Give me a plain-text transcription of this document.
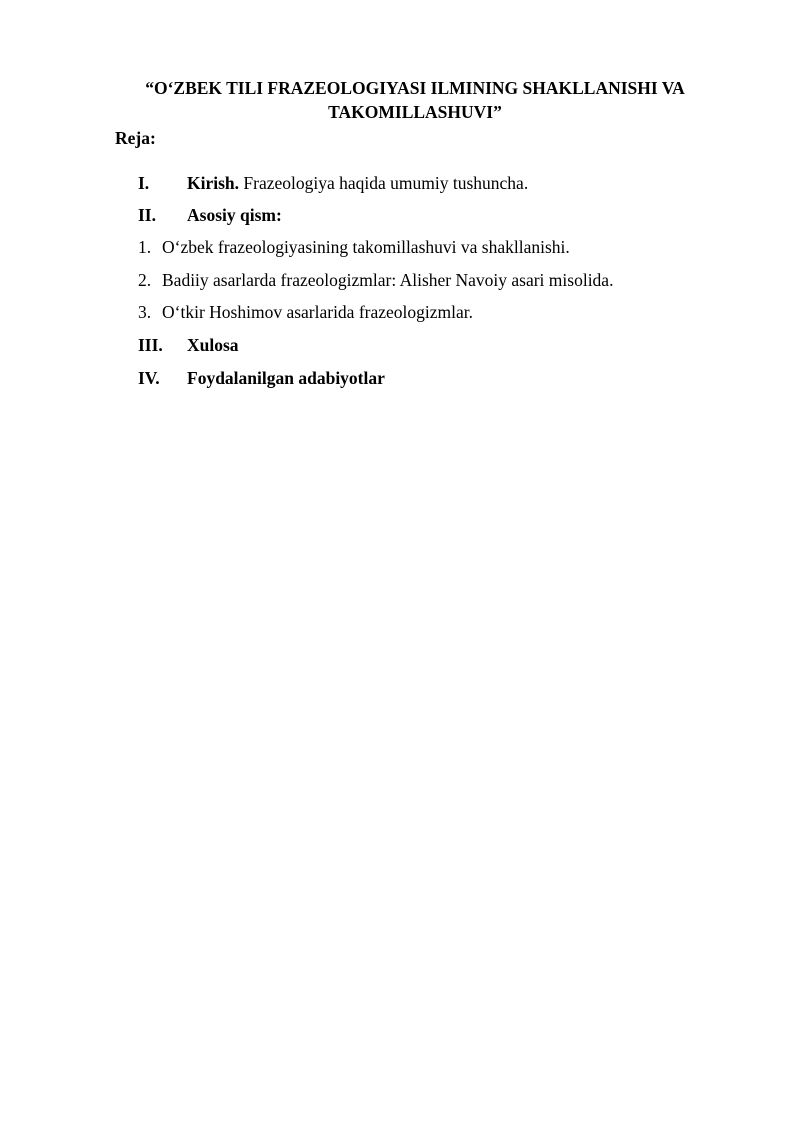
“O‘ZBEK TILI FRAZEOLOGIYASI ILMINING SHAKLLANISHI VA TAKOMILLASHUVI”

Reja:

I. Kirish. Frazeologiya haqida umumiy tushuncha.
II. Asosiy qism:
1. O‘zbek frazeologiyasining takomillashuvi va shakllanishi.
2. Badiiy asarlarda frazeologizmlar: Alisher Navoiy asari misolida.
3. O‘tkir Hoshimov asarlarida frazeologizmlar.
III. Xulosa
IV. Foydalanilgan adabiyotlar
